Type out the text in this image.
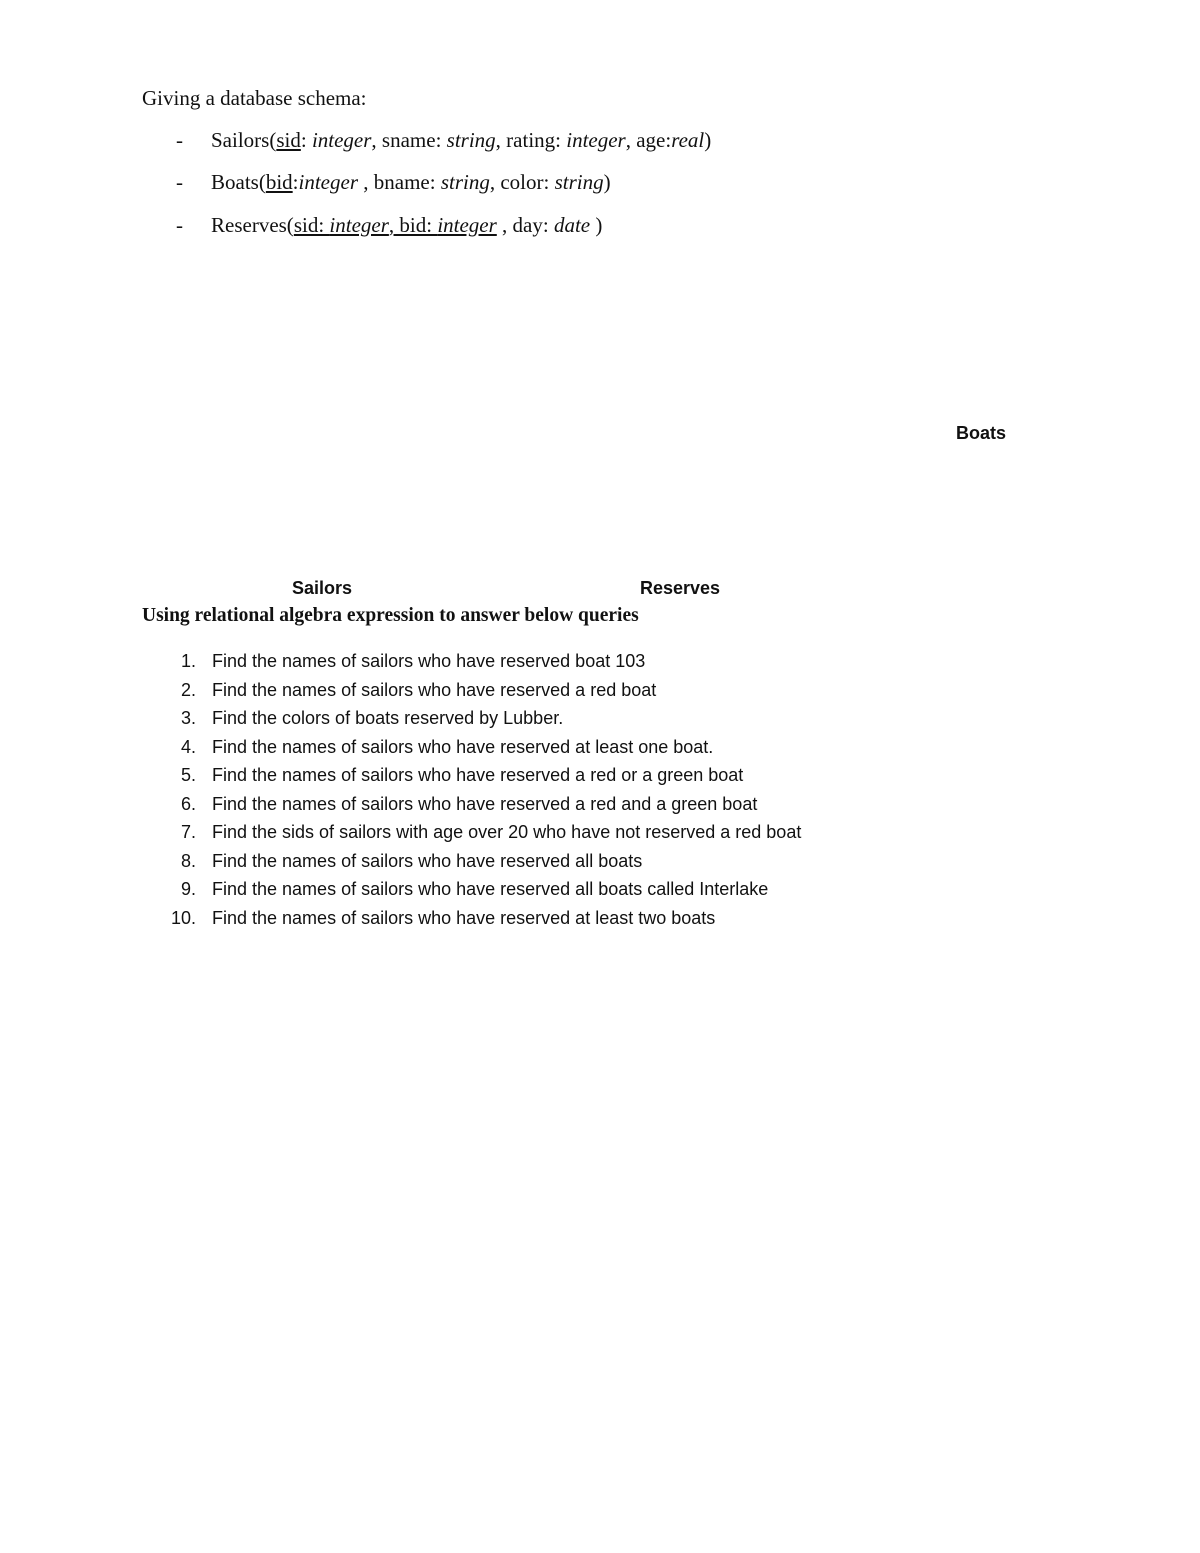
Giving a database schema:
- Sailors(sid: integer, sname: string, rating: integer, age:real)
- Boats(bid:integer , bname: string, color: string)
- Reserves(sid: integer, bid: integer , day: date )
Boats
Sailors	Reserves
Using relational algebra expression to answer below queries
1. Find the names of sailors who have reserved boat 103
2. Find the names of sailors who have reserved a red boat
3. Find the colors of boats reserved by Lubber.
4. Find the names of sailors who have reserved at least one boat.
5. Find the names of sailors who have reserved a red or a green boat
6. Find the names of sailors who have reserved a red and a green boat
7. Find the sids of sailors with age over 20 who have not reserved a red boat
8. Find the names of sailors who have reserved all boats
9. Find the names of sailors who have reserved all boats called Interlake
10. Find the names of sailors who have reserved at least two boats
